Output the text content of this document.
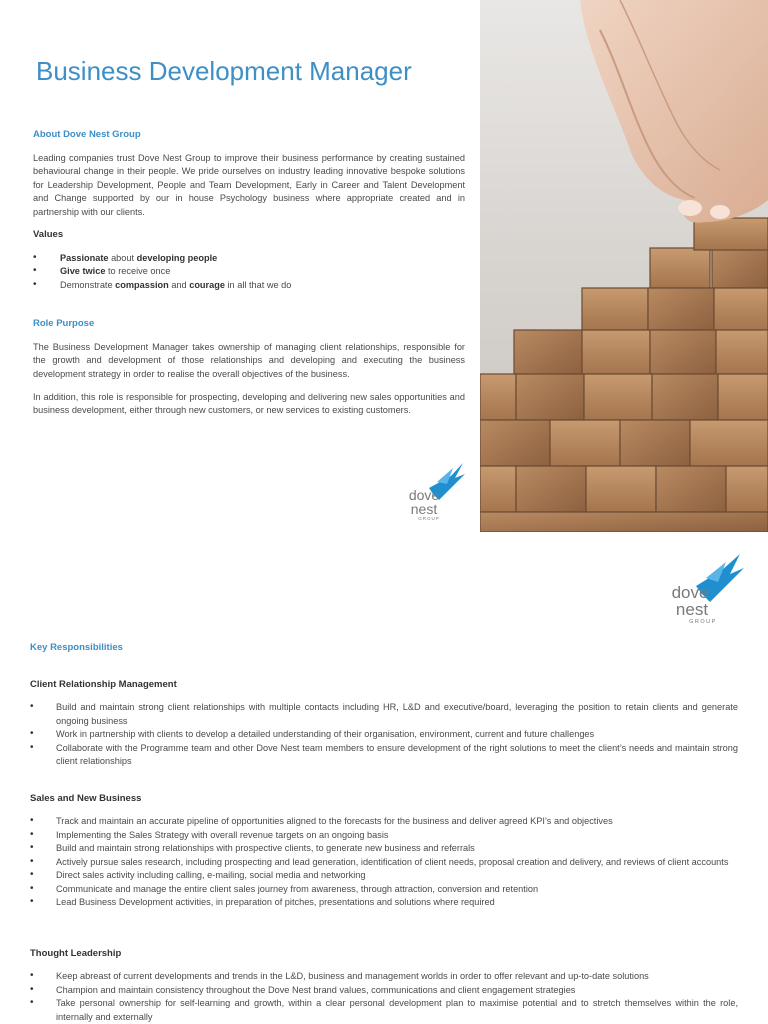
Business Development Manager
About Dove Nest Group

Leading companies trust Dove Nest Group to improve their business performance by creating sustained behavioural change in their people. We pride ourselves on industry leading innovative bespoke solutions for Leadership Development, People and Team Development, Early in Career and Talent Development and Change supported by our in house Psychology business where appropriate created and in partnership with our clients.

Values
• Passionate about developing people
• Give twice to receive once
• Demonstrate compassion and courage in all that we do
Role Purpose

The Business Development Manager takes ownership of managing client relationships, responsible for the growth and development of those relationships and developing and executing the business development strategy in order to realise the overall objectives of the business.

In addition, this role is responsible for prospecting, developing and delivering new sales opportunities and business development, either through new customers, or new services to existing customers.

dove
nest
GROUP
dove
nest
GROUP
Key Responsibilities
Client Relationship Management
• Build and maintain strong client relationships with multiple contacts including HR, L&D and executive/board, leveraging the position to retain clients and generate ongoing business
• Work in partnership with clients to develop a detailed understanding of their organisation, environment, current and future challenges
• Collaborate with the Programme team and other Dove Nest team members to ensure development of the right solutions to meet the client’s needs and maintain strong client relationships
Sales and New Business
• Track and maintain an accurate pipeline of opportunities aligned to the forecasts for the business and deliver agreed KPI’s and objectives
• Implementing the Sales Strategy with overall revenue targets on an ongoing basis
• Build and maintain strong relationships with prospective clients, to generate new business and referrals
• Actively pursue sales research, including prospecting and lead generation, identification of client needs, proposal creation and delivery, and reviews of client accounts
• Direct sales activity including calling, e-mailing, social media and networking
• Communicate and manage the entire client sales journey from awareness, through attraction, conversion and retention
• Lead Business Development activities, in preparation of pitches, presentations and solutions where required
Thought Leadership
• Keep abreast of current developments and trends in the L&D, business and management worlds in order to offer relevant and up-to-date solutions
• Champion and maintain consistency throughout the Dove Nest brand values, communications and client engagement strategies
• Take personal ownership for self-learning and growth, within a clear personal development plan to maximise potential and to stretch themselves within the role, internally and externally
